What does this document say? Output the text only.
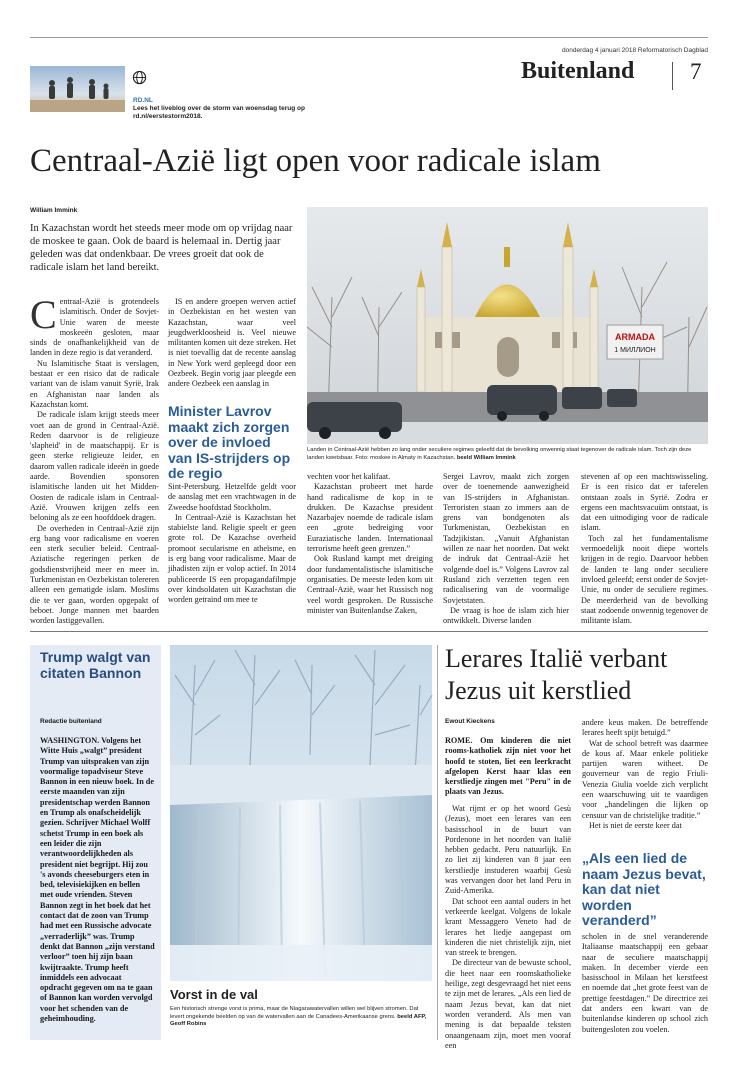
donderdag 4 januari 2018 Reformatorisch Dagblad
Buitenland 7
RD.NL
Lees het liveblog over de storm van woensdag terug op rd.nl/eerstestorm2018.
Centraal-Azië ligt open voor radicale islam
William Immink
In Kazachstan wordt het steeds meer mode om op vrijdag naar de moskee te gaan. Ook de baard is helemaal in. Dertig jaar geleden was dat ondenkbaar. De vrees groeit dat ook de radicale islam het land bereikt.
ARMADA
1 МИЛЛИОН
Landen in Centraal-Azië hebben zo lang onder seculiere regimes geleefd dat de bevolking onwennig staat tegenover de radicale islam. Toch zijn deze landen kwetsbaar. Foto: moskee in Almaty in Kazachstan. beeld William Immink
C entraal-Azië is grotendeels islamitisch. Onder de Sovjet-Unie waren de meeste moskeeën gesloten, maar sinds de onafhankelijkheid van de landen in deze regio is dat veranderd.

Nu Islamitische Staat is verslagen, bestaat er een risico dat de radicale variant van de islam vanuit Syrië, Irak en Afghanistan naar landen als Kazachstan komt.

De radicale islam krijgt steeds meer voet aan de grond in Centraal-Azië. Reden daarvoor is de religieuze 'slapheid' in de maatschappij. Er is geen sterke religieuze leider, en daarom vallen radicale ideeën in goede aarde. Bovendien sponsoren islamitische landen uit het Midden-Oosten de radicale islam in Centraal-Azië. Vrouwen krijgen zelfs een beloning als ze een hoofddoek dragen.

De overheden in Centraal-Azië zijn erg bang voor radicalisme en voeren een sterk seculier beleid. Centraal-Aziatische regeringen perken de godsdienstvrijheid meer en meer in. Turkmenistan en Oezbekistan tolereren alleen een gematigde islam. Moslims die te ver gaan, worden opgepakt of beboet. Jonge mannen met baarden worden lastiggevallen.

IS en andere groepen werven actief in Oezbekistan en het westen van Kazachstan, waar veel jeugdwerkloosheid is. Veel nieuwe militanten komen uit deze streken. Het is niet toevallig dat de recente aanslag in New York werd gepleegd door een Oezbeek. Begin vorig jaar pleegde een andere Oezbeek een aanslag in

Minister Lavrov maakt zich zorgen over de invloed van IS-strijders op de regio

Sint-Petersburg. Hetzelfde geldt voor de aanslag met een vrachtwagen in de Zweedse hoofdstad Stockholm.

In Centraal-Azië is Kazachstan het stabielste land. Religie speelt er geen grote rol. De Kazachse overheid promoot secularisme en atheïsme, en is erg bang voor radicalisme. Maar de jihadisten zijn er volop actief. In 2014 publiceerde IS een propagandafilmpje over kindsoldaten uit Kazachstan die worden getraind om mee te

vechten voor het kalifaat.

Kazachstan probeert met harde hand radicalisme de kop in te drukken. De Kazachse president Nazarbajev noemde de radicale islam een „grote bedreiging voor Euraziatische landen. Internationaal terrorisme heeft geen grenzen.”

Ook Rusland kampt met dreiging door fundamentalistische islamitische organisaties. De meeste leden kom uit Centraal-Azië, waar het Russisch nog veel wordt gesproken. De Russische minister van Buitenlandse Zaken,

Sergei Lavrov, maakt zich zorgen over de toenemende aanwezigheid van IS-strijders in Afghanistan. Terroristen staan zo immers aan de grens van bondgenoten als Turkmenistan, Oezbekistan en Tadzjikistan. „Vanuit Afghanistan willen ze naar het noorden. Dat wekt de indruk dat Centraal-Azië het volgende doel is.” Volgens Lavrov zal Rusland zich verzetten tegen een radicalisering van de voormalige Sovjetstaten.

De vraag is hoe de islam zich hier ontwikkelt. Diverse landen

stevenen af op een machtswisseling. Er is een risico dat er taferelen ontstaan zoals in Syrië. Zodra er ergens een machtsvacuüm ontstaat, is dat een uitnodiging voor de radicale islam.

Toch zal het fundamentalisme vermoedelijk nooit diepe wortels krijgen in de regio. Daarvoor hebben de landen te lang onder seculiere invloed geleefd; eerst onder de Sovjet-Unie, nu onder de seculiere regimes. De meerderheid van de bevolking staat zodoende onwennig tegenover de militante islam.

Trump walgt van citaten Bannon
Redactie buitenland
WASHINGTON. Volgens het Witte Huis „walgt” president Trump van uitspraken van zijn voormalige topadviseur Steve Bannon in een nieuw boek. In de eerste maanden van zijn presidentschap werden Bannon en Trump als onafscheidelijk gezien. Schrijver Michael Wolff schetst Trump in een boek als een leider die zijn verantwoordelijkheden als president niet begrijpt. Hij zou 's avonds cheeseburgers eten in bed, televisiekijken en bellen met oude vrienden. Steven Bannon zegt in het boek dat het contact dat de zoon van Trump had met een Russische advocate „verraderlijk” was. Trump denkt dat Bannon „zijn verstand verloor” toen hij zijn baan kwijtraakte. Trump heeft inmiddels een advocaat opdracht gegeven om na te gaan of Bannon kan worden vervolgd voor het schenden van de geheimhouding.
Vorst in de val
Een historisch strenge vorst is prima, maar de Niagarawatervallen willen wel blijven stromen. Dat levert ongekende beelden op van de watervallen aan de Canadees-Amerikaanse grens. beeld AFP, Geoff Robins
Lerares Italië verbant Jezus uit kerstlied
Ewout Kieckens
ROME. Om kinderen die niet rooms-katholiek zijn niet voor het hoofd te stoten, liet een leerkracht afgelopen Kerst haar klas een kerstliedje zingen met "Peru" in de plaats van Jezus.

Wat rijmt er op het woord Gesù (Jezus), moet een lerares van een basisschool in de buurt van Pordenone in het noorden van Italië hebben gedacht. Peru natuurlijk. En zo liet zij kinderen van 8 jaar een kerstliedje instuderen waarbij Gesù was vervangen door het land Peru in Zuid-Amerika.

Dat schoot een aantal ouders in het verkeerde keelgat. Volgens de lokale krant Messaggero Veneto had de lerares het liedje aangepast om kinderen die niet christelijk zijn, niet van streek te brengen.

De directeur van de bewuste school, die heet naar een roomskatholieke heilige, zegt desgevraagd het niet eens te zijn met de lerares. „Als een lied de naam Jezus bevat, kan dat niet worden veranderd. Als men van mening is dat bepaalde teksten onaangenaam zijn, moet men vooraf een

andere keus maken. De betreffende lerares heeft spijt betuigd.”

Wat de school betreft was daarmee de kous af. Maar enkele politieke partijen waren witheet. De gouverneur van de regio Friuli-Venezia Giulia voelde zich verplicht een waarschuwing uit te vaardigen voor „handelingen die lijken op censuur van de christelijke traditie.”

Het is niet de eerste keer dat

„Als een lied de naam Jezus bevat, kan dat niet worden veranderd”

scholen in de snel veranderende Italiaanse maatschappij een gebaar naar de seculiere maatschappij maken. In december vierde een basisschool in Milaan het kerstfeest en noemde dat „het grote feest van de prettige feestdagen.” De directrice zei dat anders een kwart van de buitenlandse kinderen op school zich buitengesloten zou voelen.
